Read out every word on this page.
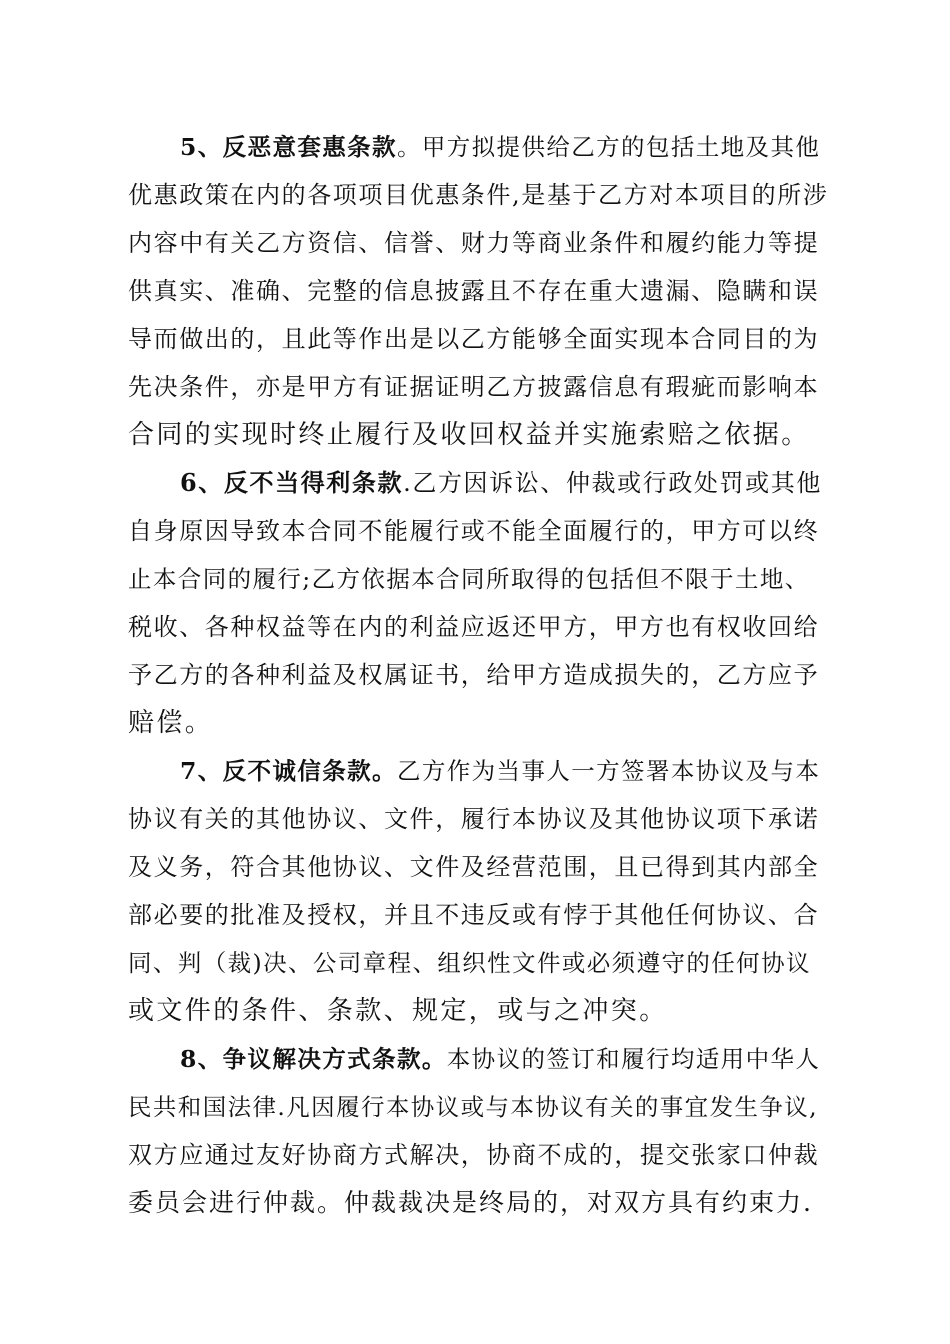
5、反恶意套惠条款。甲方拟提供给乙方的包括土地及其他
优惠政策在内的各项项目优惠条件,是基于乙方对本项目的所涉
内容中有关乙方资信、信誉、财力等商业条件和履约能力等提
供真实、准确、完整的信息披露且不存在重大遗漏、隐瞒和误
导而做出的，且此等作出是以乙方能够全面实现本合同目的为
先决条件，亦是甲方有证据证明乙方披露信息有瑕疵而影响本
合同的实现时终止履行及收回权益并实施索赔之依据。
6、反不当得利条款.乙方因诉讼、仲裁或行政处罚或其他
自身原因导致本合同不能履行或不能全面履行的，甲方可以终
止本合同的履行;乙方依据本合同所取得的包括但不限于土地、
税收、各种权益等在内的利益应返还甲方，甲方也有权收回给
予乙方的各种利益及权属证书，给甲方造成损失的，乙方应予
赔偿。
7、反不诚信条款。乙方作为当事人一方签署本协议及与本
协议有关的其他协议、文件，履行本协议及其他协议项下承诺
及义务，符合其他协议、文件及经营范围，且已得到其内部全
部必要的批准及授权，并且不违反或有悖于其他任何协议、合
同、判（裁)决、公司章程、组织性文件或必须遵守的任何协议
或文件的条件、条款、规定，或与之冲突。
8、争议解决方式条款。本协议的签订和履行均适用中华人
民共和国法律.凡因履行本协议或与本协议有关的事宜发生争议,
双方应通过友好协商方式解决，协商不成的，提交张家口仲裁
委员会进行仲裁。仲裁裁决是终局的，对双方具有约束力.
